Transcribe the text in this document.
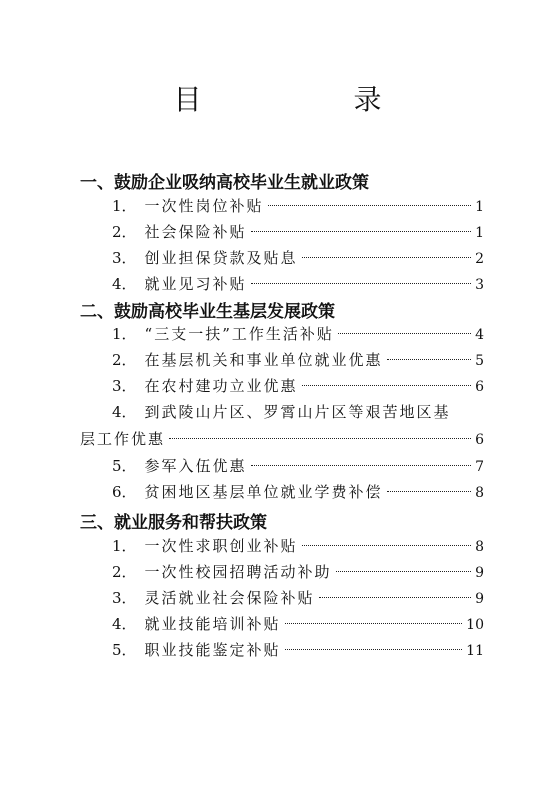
目　录
一、鼓励企业吸纳高校毕业生就业政策
1． 一次性岗位补贴	1
2． 社会保险补贴	1
3． 创业担保贷款及贴息	2
4． 就业见习补贴	3
二、鼓励高校毕业生基层发展政策
1． “三支一扶”工作生活补贴	4
2． 在基层机关和事业单位就业优惠	5
3． 在农村建功立业优惠	6
4． 到武陵山片区、罗霄山片区等艰苦地区基
层工作优惠	6
5． 参军入伍优惠	7
6． 贫困地区基层单位就业学费补偿	8
三、就业服务和帮扶政策
1． 一次性求职创业补贴	8
2． 一次性校园招聘活动补助	9
3． 灵活就业社会保险补贴	9
4． 就业技能培训补贴	10
5． 职业技能鉴定补贴	11
